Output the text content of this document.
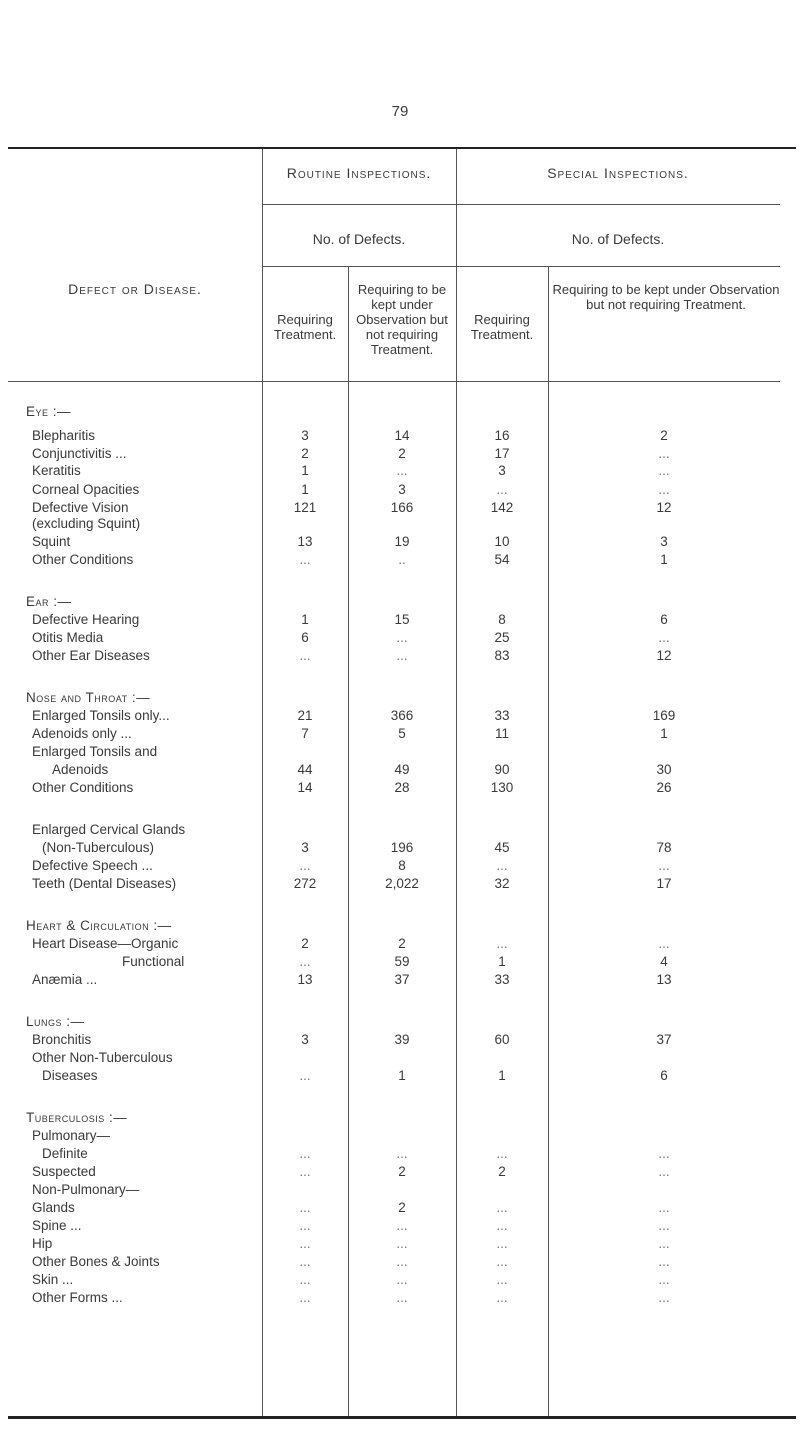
79
Defect or Disease.
Routine Inspections.	Special Inspections.
No. of Defects.	No. of Defects.
Requiring Treatment.
Requiring to be kept under Observation but not requiring Treatment.
Requiring Treatment.
Requiring to be kept under Observation but not requiring Treatment.
Eye :—
Blepharitis	3	14	16	2
Conjunctivitis ...	2	2	17	...
Keratitis	1	...	3	...
Corneal Opacities	1	3	...	...
Defective Vision	121	166	142	12
(excluding Squint)
Squint	13	19	10	3
Other Conditions	...	..	54	1
Ear :—
Defective Hearing	1	15	8	6
Otitis Media	6	...	25	...
Other Ear Diseases	...	...	83	12
Nose and Throat :—
Enlarged Tonsils only...	21	366	33	169
Adenoids only ...	7	5	11	1
Enlarged Tonsils and
Adenoids	44	49	90	30
Other Conditions	14	28	130	26
Enlarged Cervical Glands
(Non-Tuberculous)	3	196	45	78
Defective Speech ...	...	8	...	...
Teeth (Dental Diseases)	272	2,022	32	17
Heart & Circulation :—
Heart Disease—Organic	2	2	...	...
Functional	...	59	1	4
Anæmia ...	13	37	33	13
Lungs :—
Bronchitis	3	39	60	37
Other Non-Tuberculous
Diseases	...	1	1	6
Tuberculosis :—
Pulmonary—
Definite	...	...	...	...
Suspected	...	2	2	...
Non-Pulmonary—
Glands	...	2	...	...
Spine ...	...	...	...	...
Hip	...	...	...	...
Other Bones & Joints	...	...	...	...
Skin ...	...	...	...	...
Other Forms ...	...	...	...	...
